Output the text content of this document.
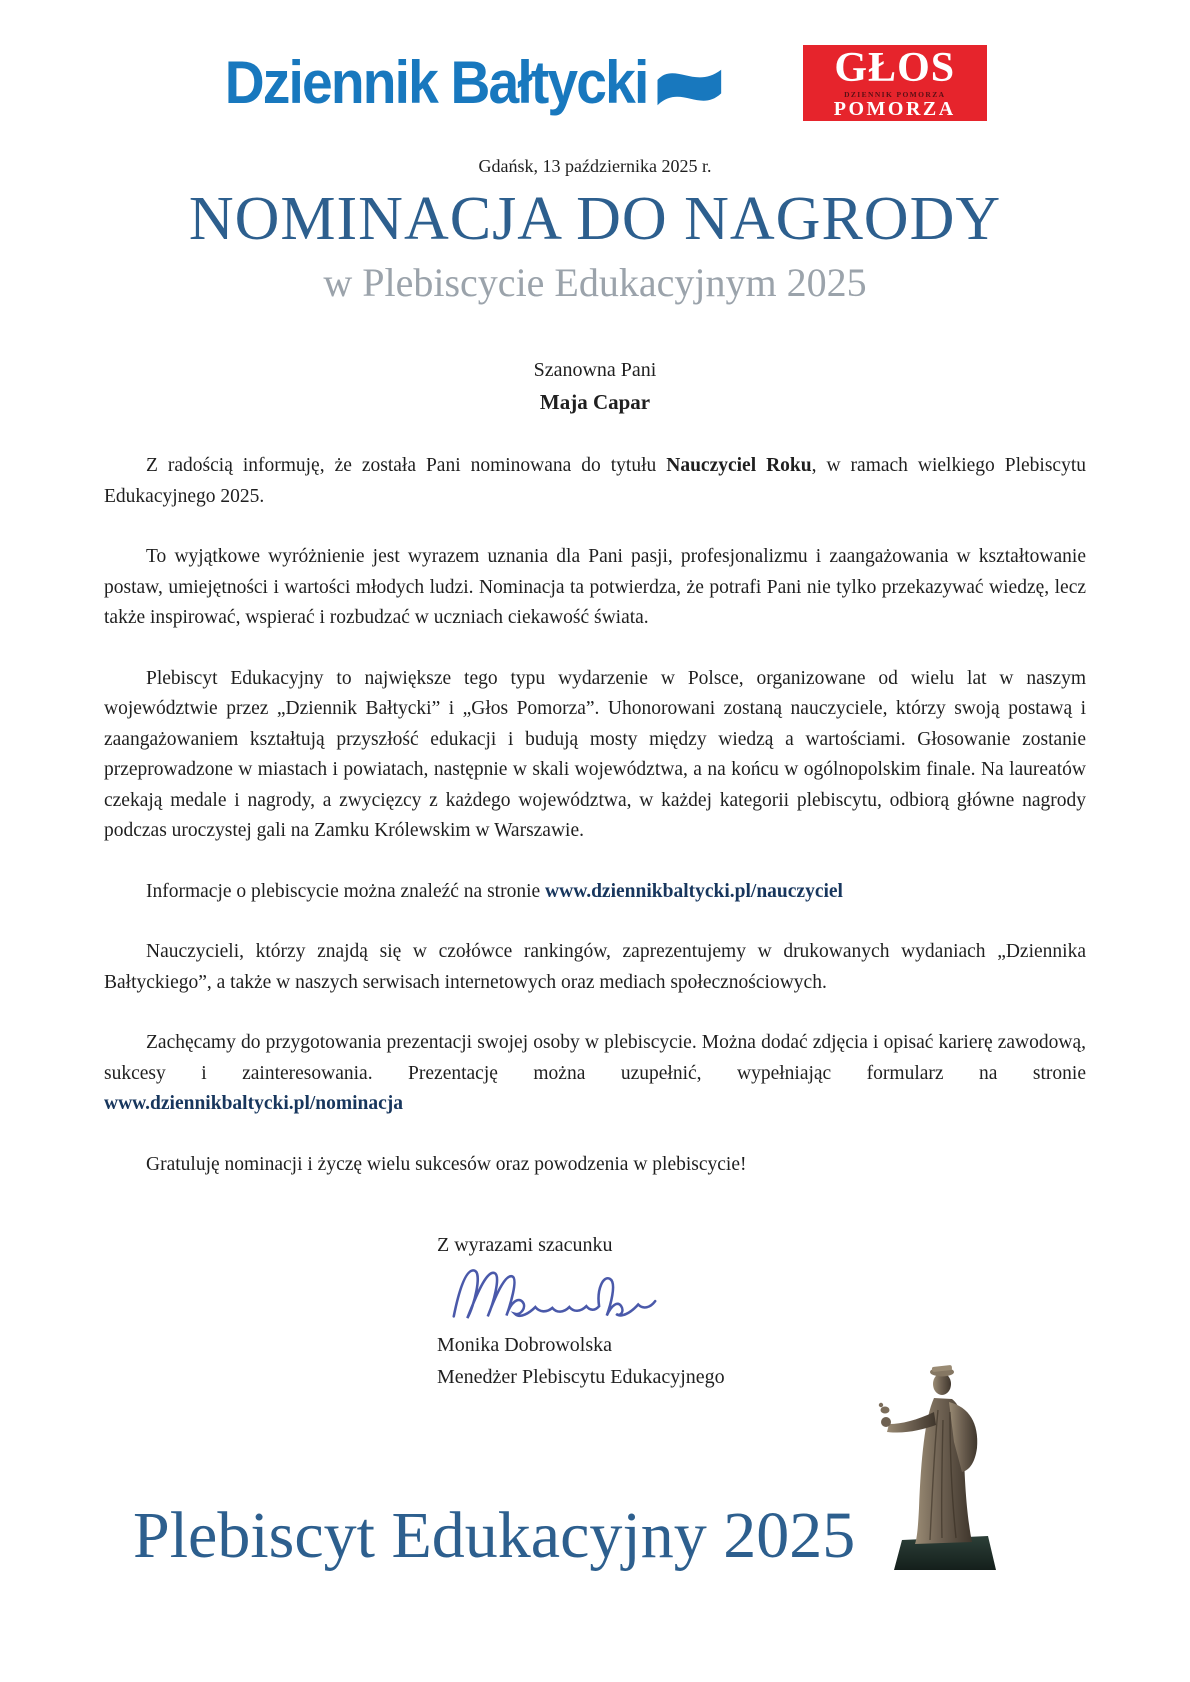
Dziennik Bałtycki	GŁOS
DZIENNIK POMORZA
POMORZA
Gdańsk, 13 października 2025 r.
NOMINACJA DO NAGRODY
w Plebiscycie Edukacyjnym 2025
Szanowna Pani
Maja Capar

Z radością informuję, że została Pani nominowana do tytułu Nauczyciel Roku, w ramach wielkiego Plebiscytu Edukacyjnego 2025.

To wyjątkowe wyróżnienie jest wyrazem uznania dla Pani pasji, profesjonalizmu i zaangażowania w kształtowanie postaw, umiejętności i wartości młodych ludzi. Nominacja ta potwierdza, że potrafi Pani nie tylko przekazywać wiedzę, lecz także inspirować, wspierać i rozbudzać w uczniach ciekawość świata.

Plebiscyt Edukacyjny to największe tego typu wydarzenie w Polsce, organizowane od wielu lat w naszym województwie przez „Dziennik Bałtycki” i „Głos Pomorza”. Uhonorowani zostaną nauczyciele, którzy swoją postawą i zaangażowaniem kształtują przyszłość edukacji i budują mosty między wiedzą a wartościami. Głosowanie zostanie przeprowadzone w miastach i powiatach, następnie w skali województwa, a na końcu w ogólnopolskim finale. Na laureatów czekają medale i nagrody, a zwycięzcy z każdego województwa, w każdej kategorii plebiscytu, odbiorą główne nagrody podczas uroczystej gali na Zamku Królewskim w Warszawie.

Informacje o plebiscycie można znaleźć na stronie www.dziennikbaltycki.pl/nauczyciel

Nauczycieli, którzy znajdą się w czołówce rankingów, zaprezentujemy w drukowanych wydaniach „Dziennika Bałtyckiego”, a także w naszych serwisach internetowych oraz mediach społecznościowych.

Zachęcamy do przygotowania prezentacji swojej osoby w plebiscycie. Można dodać zdjęcia i opisać karierę zawodową, sukcesy i zainteresowania. Prezentację można uzupełnić, wypełniając formularz na stronie www.dziennikbaltycki.pl/nominacja

Gratuluję nominacji i życzę wielu sukcesów oraz powodzenia w plebiscycie!

Z wyrazami szacunku
Monika Dobrowolska
Menedżer Plebiscytu Edukacyjnego
Plebiscyt Edukacyjny 2025
